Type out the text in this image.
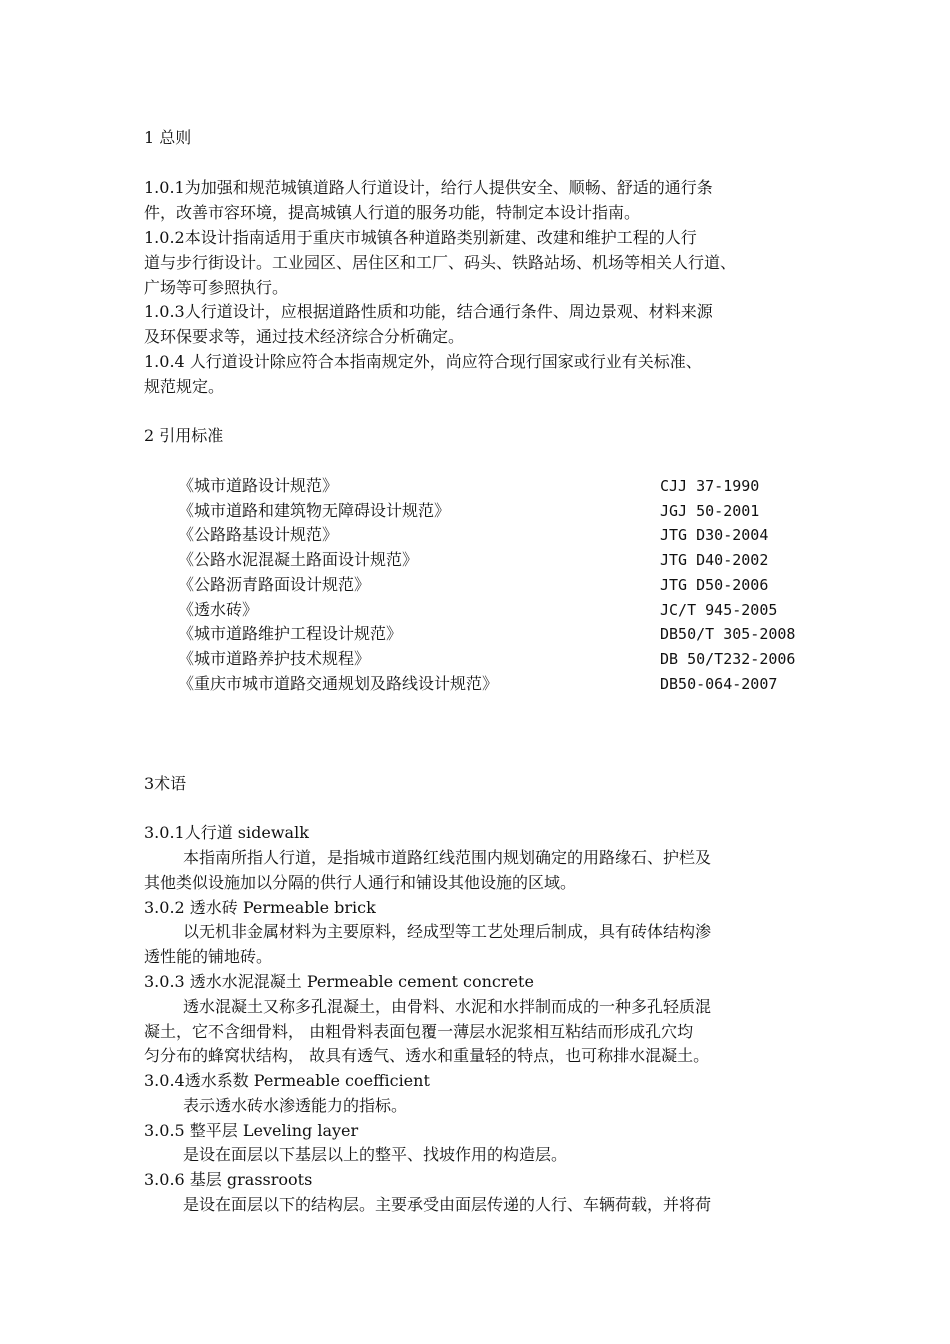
1 总则
1.0.1为加强和规范城镇道路人行道设计，给行人提供安全、顺畅、舒适的通行条
件，改善市容环境，提高城镇人行道的服务功能，特制定本设计指南。
1.0.2本设计指南适用于重庆市城镇各种道路类别新建、改建和维护工程的人行
道与步行街设计。工业园区、居住区和工厂、码头、铁路站场、机场等相关人行道、
广场等可参照执行。
1.0.3人行道设计，应根据道路性质和功能，结合通行条件、周边景观、材料来源
及环保要求等，通过技术经济综合分析确定。
1.0.4 人行道设计除应符合本指南规定外，尚应符合现行国家或行业有关标准、
规范规定。
2 引用标准
《城市道路设计规范》	CJJ 37-1990
《城市道路和建筑物无障碍设计规范》	JGJ 50-2001
《公路路基设计规范》	JTG D30-2004
《公路水泥混凝土路面设计规范》	JTG D40-2002
《公路沥青路面设计规范》	JTG D50-2006
《透水砖》	JC/T 945-2005
《城市道路维护工程设计规范》	DB50/T 305-2008
《城市道路养护技术规程》	DB 50/T232-2006
《重庆市城市道路交通规划及路线设计规范》	DB50-064-2007
3术语
3.0.1人行道 sidewalk
本指南所指人行道，是指城市道路红线范围内规划确定的用路缘石、护栏及
其他类似设施加以分隔的供行人通行和铺设其他设施的区域。
3.0.2 透水砖 Permeable brick
以无机非金属材料为主要原料，经成型等工艺处理后制成，具有砖体结构渗
透性能的铺地砖。
3.0.3 透水水泥混凝土 Permeable cement concrete
透水混凝土又称多孔混凝土，由骨料、水泥和水拌制而成的一种多孔轻质混
凝土，它不含细骨料， 由粗骨料表面包覆一薄层水泥浆相互粘结而形成孔穴均
匀分布的蜂窝状结构， 故具有透气、透水和重量轻的特点，也可称排水混凝土。
3.0.4透水系数 Permeable coefficient
表示透水砖水渗透能力的指标。
3.0.5 整平层 Leveling layer
是设在面层以下基层以上的整平、找坡作用的构造层。
3.0.6 基层 grassroots
是设在面层以下的结构层。主要承受由面层传递的人行、车辆荷载，并将荷
